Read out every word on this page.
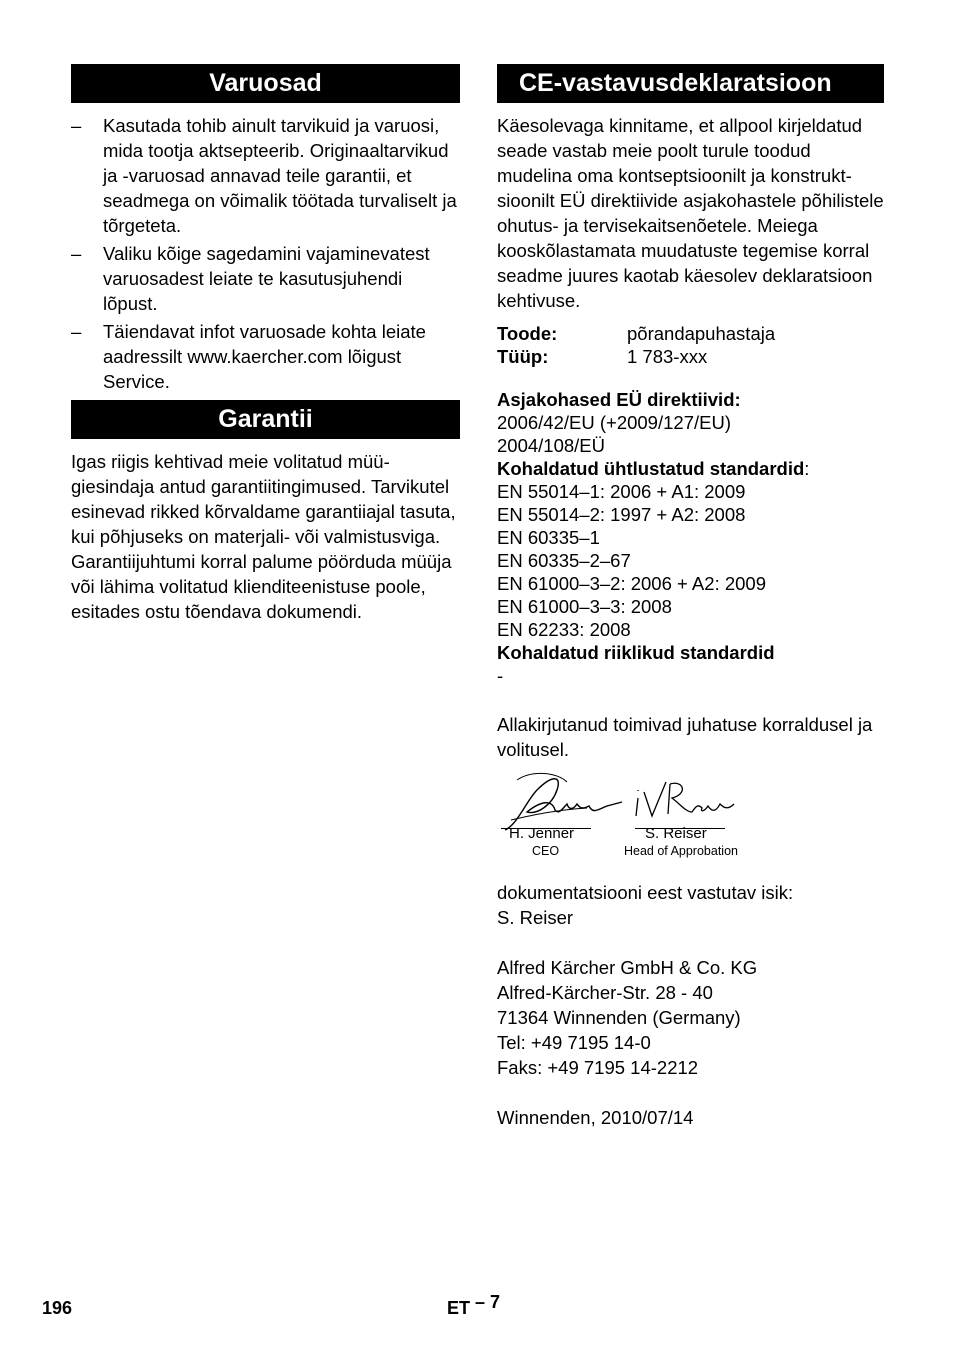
Varuosad
– Kasutada tohib ainult tarvikuid ja varuosi, mida tootja aktsepteerib. Originaaltarvikud ja -varuosad annavad teile garantii, et seadmega on võimalik töötada turvaliselt ja tõrgeteta.
– Valiku kõige sagedamini vajaminevatest varuosadest leiate te kasutusjuhendi lõpust.
– Täiendavat infot varuosade kohta leiate aadressilt www.kaercher.com lõigust Service.
Garantii

Igas riigis kehtivad meie volitatud müügiesindaja antud garantiitingimused. Tarvikutel esinevad rikked kõrvaldame garantiiajal tasuta, kui põhjuseks on materjali- või valmistusviga. Garantiijuhtumi korral palume pöörduda müüja või lähima volitatud klienditeenistuse poole, esitades ostu tõendava dokumendi.

CE-vastavusdeklaratsioon

Käesolevaga kinnitame, et allpool kirjeldatud seade vastab meie poolt turule toodud mudelina oma kontseptsioonilt ja konstruktsioonilt EÜ direktiivide asjakohastele põhilistele ohutus- ja tervisekaitsenõetele. Meiega kooskõlastamata muudatuste tegemise korral seadme juures kaotab käesolev deklaratsioon kehtivuse.

Toode:	põrandapuhastaja
Tüüp:	1 783-xxx
Asjakohased EÜ direktiivid:
2006/42/EU (+2009/127/EU)
2004/108/EÜ
Kohaldatud ühtlustatud standardid:
EN 55014–1: 2006 + A1: 2009
EN 55014–2: 1997 + A2: 2008
EN 60335–1
EN 60335–2–67
EN 61000–3–2: 2006 + A2: 2009
EN 61000–3–3: 2008
EN 62233: 2008
Kohaldatud riiklikud standardid
-

Allakirjutanud toimivad juhatuse korraldusel ja volitusel.

H. Jenner
CEO
S. Reiser
Head of Approbation
dokumentatsiooni eest vastutav isik:
S. Reiser
Alfred Kärcher GmbH & Co. KG
Alfred-Kärcher-Str. 28 - 40
71364 Winnenden (Germany)
Tel: +49 7195 14-0
Faks: +49 7195 14-2212
Winnenden, 2010/07/14
196	ET – 7
